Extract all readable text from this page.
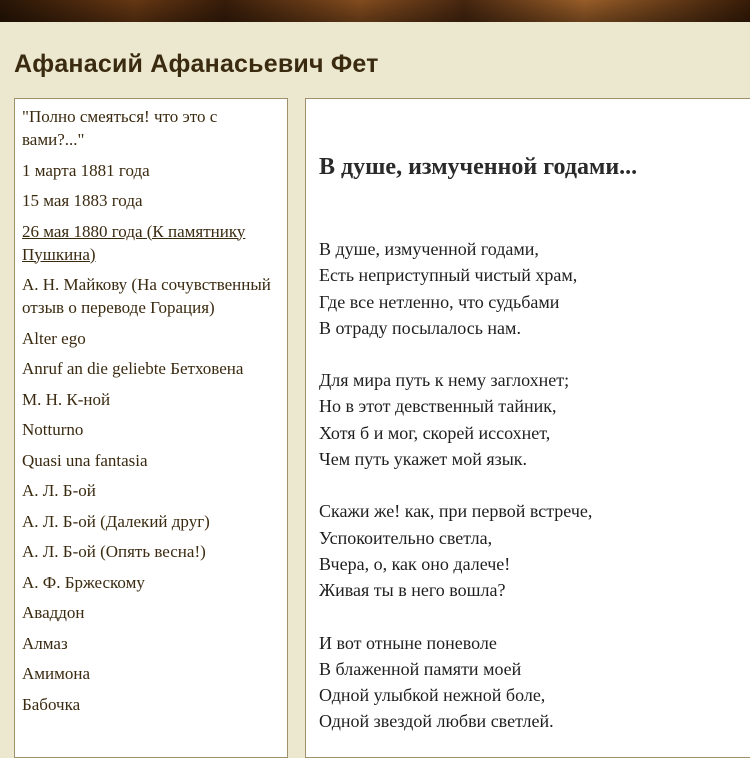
Афанасий Афанасьевич Фет
"Полно смеяться! что это с вами?..."
1 марта 1881 года
15 мая 1883 года
26 мая 1880 года (К памятнику Пушкина)
А. Н. Майкову (На сочувственный отзыв о переводе Горация)
Alter ego
Anruf an die geliebte Бетховена
М. Н. К-ной
Notturno
Quasi una fantasia
А. Л. Б-ой
А. Л. Б-ой (Далекий друг)
А. Л. Б-ой (Опять весна!)
А. Ф. Бржескому
Аваддон
Алмаз
Амимона
Бабочка
В душе, измученной годами...
В душе, измученной годами,
Есть неприступный чистый храм,
Где все нетленно, что судьбами
В отраду посылалось нам.
Для мира путь к нему заглохнет;
Но в этот девственный тайник,
Хотя б и мог, скорей иссохнет,
Чем путь укажет мой язык.
Скажи же! как, при первой встрече,
Успокоительно светла,
Вчера, о, как оно далече!
Живая ты в него вошла?
И вот отныне поневоле
В блаженной памяти моей
Одной улыбкой нежной боле,
Одной звездой любви светлей.
